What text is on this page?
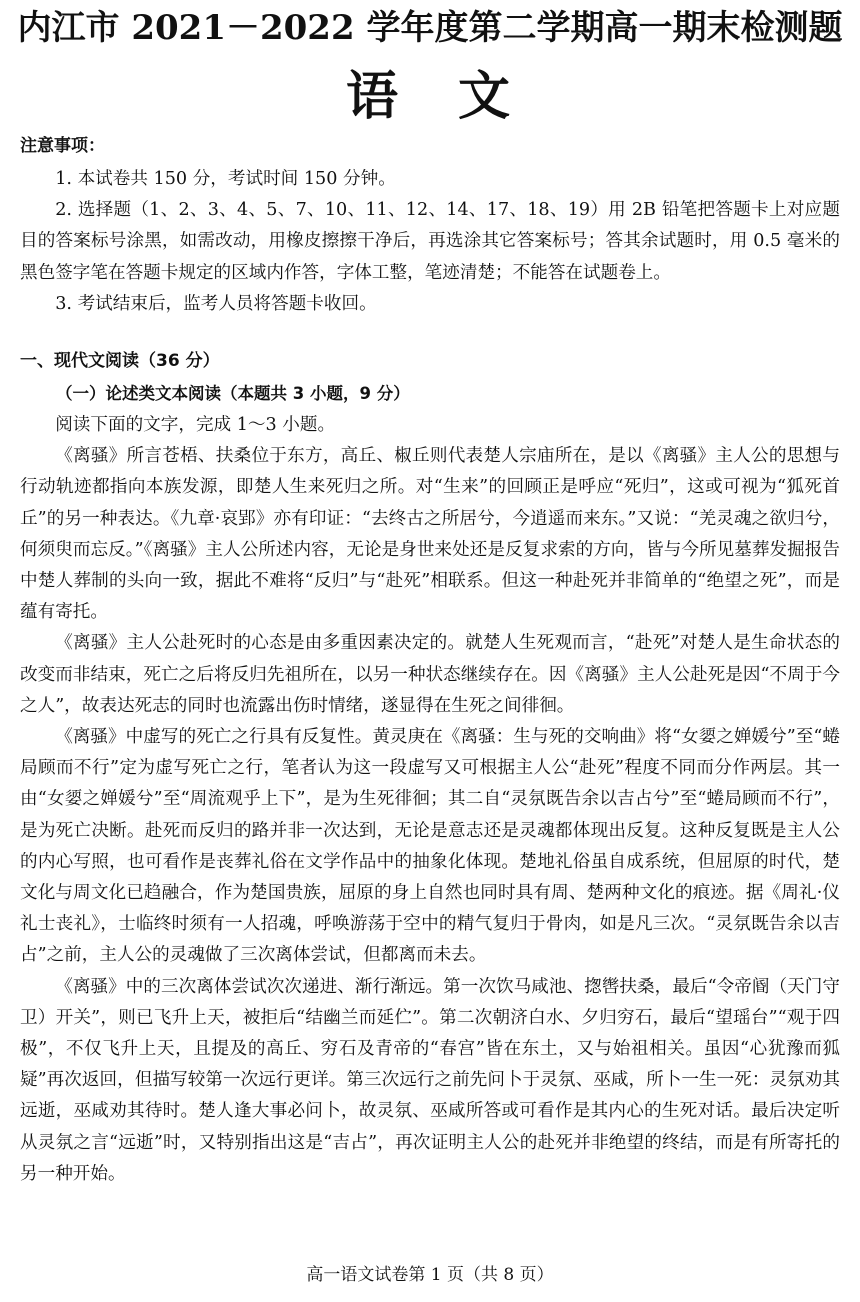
内江市 2021－2022 学年度第二学期高一期末检测题
语 文
注意事项：

1. 本试卷共 150 分，考试时间 150 分钟。

2. 选择题（1、2、3、4、5、7、10、11、12、14、17、18、19）用 2B 铅笔把答题卡上对应题目的答案标号涂黑，如需改动，用橡皮擦擦干净后，再选涂其它答案标号；答其余试题时，用 0.5 毫米的黑色签字笔在答题卡规定的区域内作答，字体工整，笔迹清楚；不能答在试题卷上。

3. 考试结束后，监考人员将答题卡收回。

一、现代文阅读（36 分）
（一）论述类文本阅读（本题共 3 小题，9 分）

阅读下面的文字，完成 1～3 小题。

《离骚》所言苍梧、扶桑位于东方，高丘、椒丘则代表楚人宗庙所在，是以《离骚》主人公的思想与行动轨迹都指向本族发源，即楚人生来死归之所。对“生来”的回顾正是呼应“死归”，这或可视为“狐死首丘”的另一种表达。《九章·哀郢》亦有印证：“去终古之所居兮，今逍遥而来东。”又说：“羌灵魂之欲归兮，何须臾而忘反。”《离骚》主人公所述内容，无论是身世来处还是反复求索的方向，皆与今所见墓葬发掘报告中楚人葬制的头向一致，据此不难将“反归”与“赴死”相联系。但这一种赴死并非简单的“绝望之死”，而是蕴有寄托。

《离骚》主人公赴死时的心态是由多重因素决定的。就楚人生死观而言，“赴死”对楚人是生命状态的改变而非结束，死亡之后将反归先祖所在，以另一种状态继续存在。因《离骚》主人公赴死是因“不周于今之人”，故表达死志的同时也流露出伤时情绪，遂显得在生死之间徘徊。

《离骚》中虚写的死亡之行具有反复性。黄灵庚在《离骚：生与死的交响曲》将“女媭之婵媛兮”至“蜷局顾而不行”定为虚写死亡之行，笔者认为这一段虚写又可根据主人公“赴死”程度不同而分作两层。其一由“女媭之婵媛兮”至“周流观乎上下”，是为生死徘徊；其二自“灵氛既告余以吉占兮”至“蜷局顾而不行”，是为死亡决断。赴死而反归的路并非一次达到，无论是意志还是灵魂都体现出反复。这种反复既是主人公的内心写照，也可看作是丧葬礼俗在文学作品中的抽象化体现。楚地礼俗虽自成系统，但屈原的时代，楚文化与周文化已趋融合，作为楚国贵族，屈原的身上自然也同时具有周、楚两种文化的痕迹。据《周礼·仪礼士丧礼》，士临终时须有一人招魂，呼唤游荡于空中的精气复归于骨肉，如是凡三次。“灵氛既告余以吉占”之前，主人公的灵魂做了三次离体尝试，但都离而未去。

《离骚》中的三次离体尝试次次递进、渐行渐远。第一次饮马咸池、揔辔扶桑，最后“令帝阍（天门守卫）开关”，则已飞升上天，被拒后“结幽兰而延伫”。第二次朝济白水、夕归穷石，最后“望瑶台”“观于四极”，不仅飞升上天，且提及的高丘、穷石及青帝的“春宫”皆在东土，又与始祖相关。虽因“心犹豫而狐疑”再次返回，但描写较第一次远行更详。第三次远行之前先问卜于灵氛、巫咸，所卜一生一死：灵氛劝其远逝，巫咸劝其待时。楚人逢大事必问卜，故灵氛、巫咸所答或可看作是其内心的生死对话。最后决定听从灵氛之言“远逝”时，又特别指出这是“吉占”，再次证明主人公的赴死并非绝望的终结，而是有所寄托的另一种开始。

高一语文试卷第 1 页（共 8 页）
